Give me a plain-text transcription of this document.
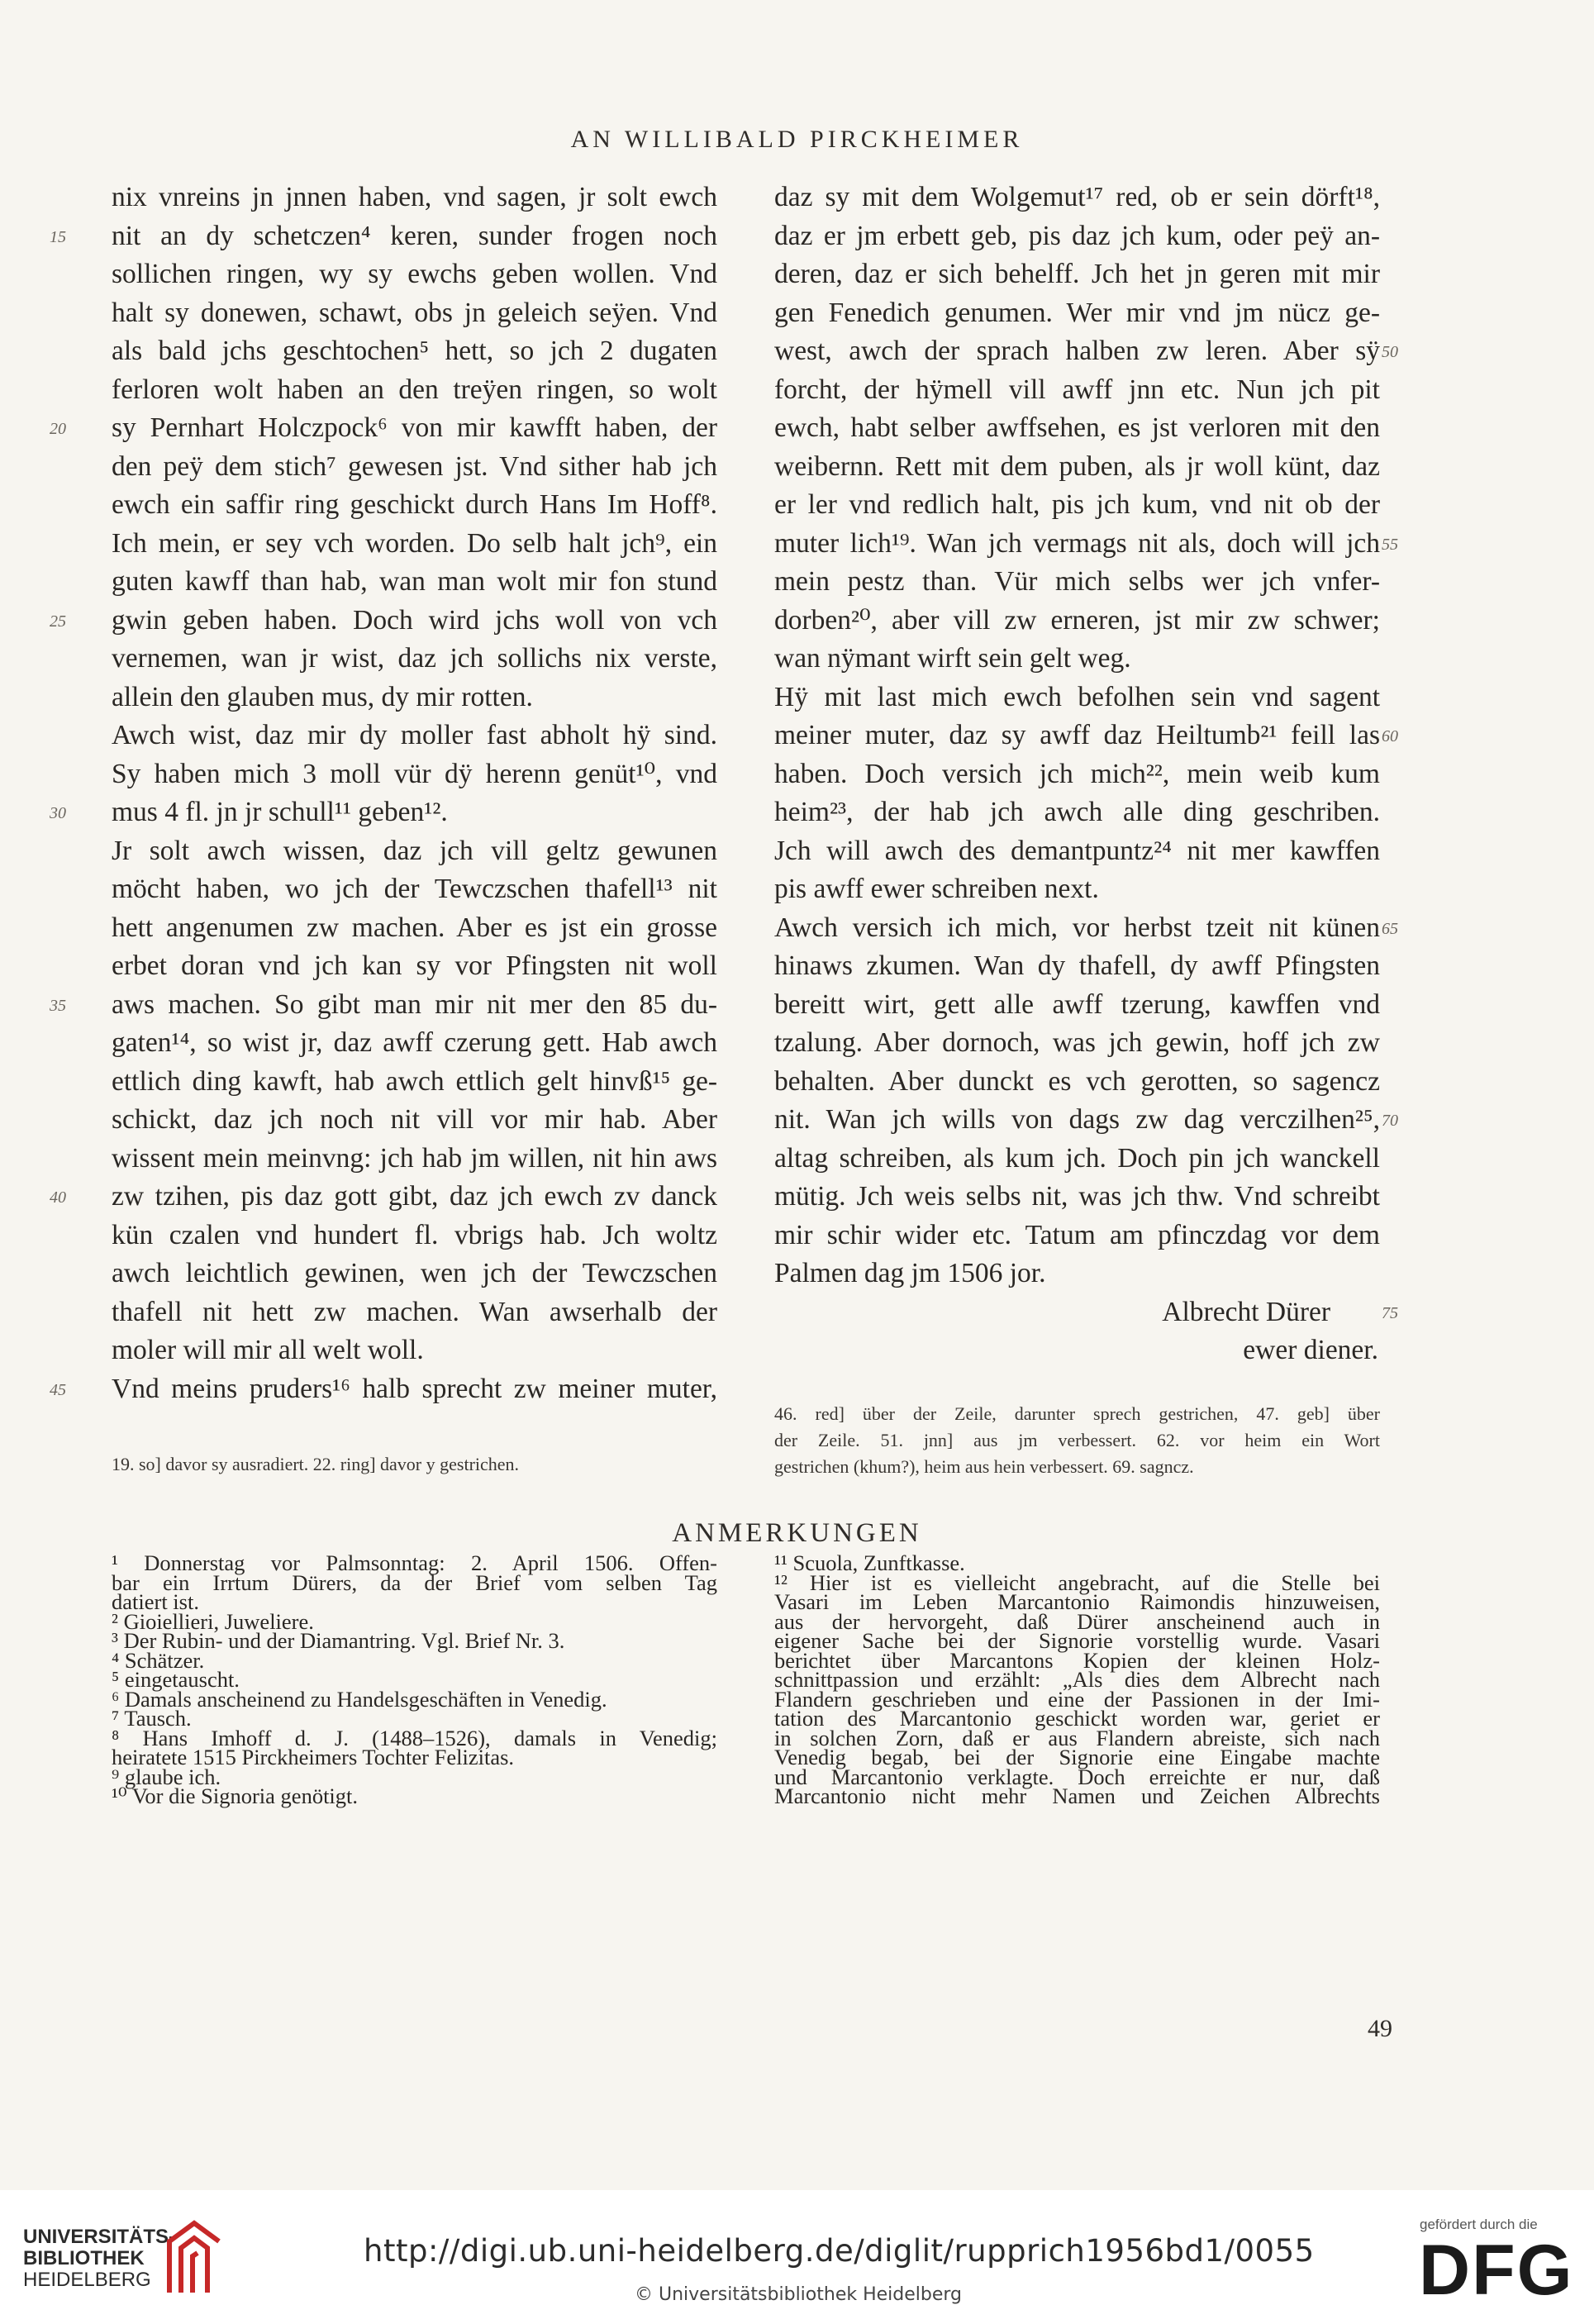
AN WILLIBALD PIRCKHEIMER
nix vnreins jn jnnen haben, vnd sagen, jr solt ewch
nit an dy schetczen⁴ keren, sunder frogen noch
sollichen ringen, wy sy ewchs geben wollen. Vnd
halt sy donewen, schawt, obs jn geleich seÿen. Vnd
als bald jchs geschtochen⁵ hett, so jch 2 dugaten
ferloren wolt haben an den treÿen ringen, so wolt
sy Pernhart Holczpock⁶ von mir kawfft haben, der
den peÿ dem stich⁷ gewesen jst. Vnd sither hab jch
ewch ein saffir ring geschickt durch Hans Im Hoff⁸.
Ich mein, er sey vch worden. Do selb halt jch⁹, ein
guten kawff than hab, wan man wolt mir fon stund
gwin geben haben. Doch wird jchs woll von vch
vernemen, wan jr wist, daz jch sollichs nix verste,
allein den glauben mus, dy mir rotten.
Awch wist, daz mir dy moller fast abholt hÿ sind.
Sy haben mich 3 moll vür dÿ herenn genüt¹⁰, vnd
mus 4 fl. jn jr schull¹¹ geben¹².
Jr solt awch wissen, daz jch vill geltz gewunen
möcht haben, wo jch der Tewczschen thafell¹³ nit
hett angenumen zw machen. Aber es jst ein grosse
erbet doran vnd jch kan sy vor Pfingsten nit woll
aws machen. So gibt man mir nit mer den 85 du-
gaten¹⁴, so wist jr, daz awff czerung gett. Hab awch
ettlich ding kawft, hab awch ettlich gelt hinvß¹⁵ ge-
schickt, daz jch noch nit vill vor mir hab. Aber
wissent mein meinvng: jch hab jm willen, nit hin aws
zw tzihen, pis daz gott gibt, daz jch ewch zv danck
kün czalen vnd hundert fl. vbrigs hab. Jch woltz
awch leichtlich gewinen, wen jch der Tewczschen
thafell nit hett zw machen. Wan awserhalb der
moler will mir all welt woll.
Vnd meins pruders¹⁶ halb sprecht zw meiner muter,
daz sy mit dem Wolgemut¹⁷ red, ob er sein dörft¹⁸,
daz er jm erbett geb, pis daz jch kum, oder peÿ an-
deren, daz er sich behelff. Jch het jn geren mit mir
gen Fenedich genumen. Wer mir vnd jm nücz ge-
west, awch der sprach halben zw leren. Aber sÿ
forcht, der hÿmell vill awff jnn etc. Nun jch pit
ewch, habt selber awffsehen, es jst verloren mit den
weibernn. Rett mit dem puben, als jr woll künt, daz
er ler vnd redlich halt, pis jch kum, vnd nit ob der
muter lich¹⁹. Wan jch vermags nit als, doch will jch
mein pestz than. Vür mich selbs wer jch vnfer-
dorben²⁰, aber vill zw erneren, jst mir zw schwer;
wan nÿmant wirft sein gelt weg.
Hÿ mit last mich ewch befolhen sein vnd sagent
meiner muter, daz sy awff daz Heiltumb²¹ feill las
haben. Doch versich jch mich²², mein weib kum
heim²³, der hab jch awch alle ding geschriben.
Jch will awch des demantpuntz²⁴ nit mer kawffen
pis awff ewer schreiben next.
Awch versich ich mich, vor herbst tzeit nit künen
hinaws zkumen. Wan dy thafell, dy awff Pfingsten
bereitt wirt, gett alle awff tzerung, kawffen vnd
tzalung. Aber dornoch, was jch gewin, hoff jch zw
behalten. Aber dunckt es vch gerotten, so sagencz
nit. Wan jch wills von dags zw dag verczilhen²⁵,
altag schreiben, als kum jch. Doch pin jch wanckell
mütig. Jch weis selbs nit, was jch thw. Vnd schreibt
mir schir wider etc. Tatum am pfinczdag vor dem
Palmen dag jm 1506 jor.
Albrecht Dürer
ewer diener.
15
20
25
30
35
40
45
50
55
60
65
70
75
19. so] davor sy ausradiert. 22. ring] davor y gestrichen.
46. red] über der Zeile, darunter sprech gestrichen, 47. geb] über
der Zeile. 51. jnn] aus jm verbessert. 62. vor heim ein Wort
gestrichen (khum?), heim aus hein verbessert. 69. sagncz.
ANMERKUNGEN
¹ Donnerstag vor Palmsonntag: 2. April 1506. Offen-
bar ein Irrtum Dürers, da der Brief vom selben Tag
datiert ist.
² Gioiellieri, Juweliere.
³ Der Rubin- und der Diamantring. Vgl. Brief Nr. 3.
⁴ Schätzer.
⁵ eingetauscht.
⁶ Damals anscheinend zu Handelsgeschäften in Venedig.
⁷ Tausch.
⁸ Hans Imhoff d. J. (1488–1526), damals in Venedig;
heiratete 1515 Pirckheimers Tochter Felizitas.
⁹ glaube ich.
¹⁰ Vor die Signoria genötigt.
¹¹ Scuola, Zunftkasse.
¹² Hier ist es vielleicht angebracht, auf die Stelle bei
Vasari im Leben Marcantonio Raimondis hinzuweisen,
aus der hervorgeht, daß Dürer anscheinend auch in
eigener Sache bei der Signorie vorstellig wurde. Vasari
berichtet über Marcantons Kopien der kleinen Holz-
schnittpassion und erzählt: „Als dies dem Albrecht nach
Flandern geschrieben und eine der Passionen in der Imi-
tation des Marcantonio geschickt worden war, geriet er
in solchen Zorn, daß er aus Flandern abreiste, sich nach
Venedig begab, bei der Signorie eine Eingabe machte
und Marcantonio verklagte. Doch erreichte er nur, daß
Marcantonio nicht mehr Namen und Zeichen Albrechts
49
UNIVERSITÄTS-
BIBLIOTHEK
HEIDELBERG
http://digi.ub.uni-heidelberg.de/diglit/rupprich1956bd1/0055
© Universitätsbibliothek Heidelberg
gefördert durch die
DFG
